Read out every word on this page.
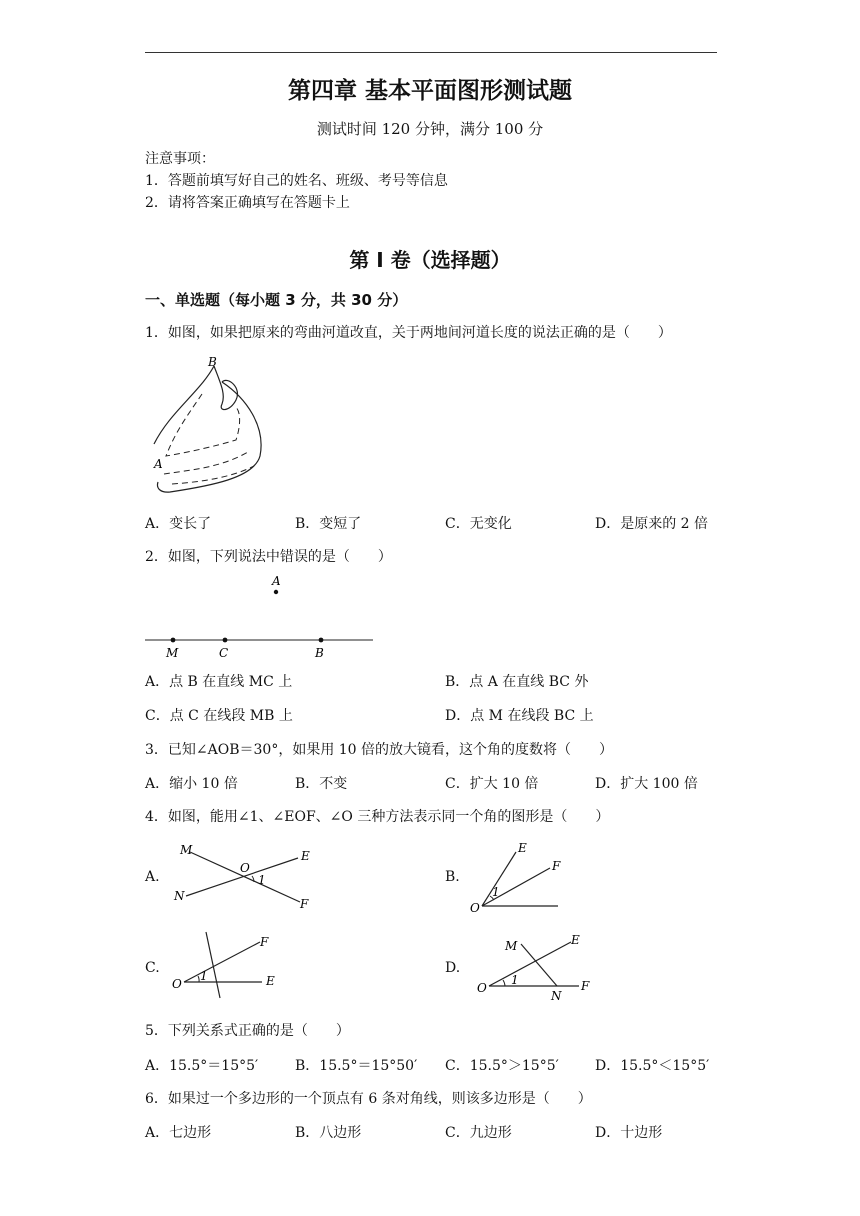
第四章 基本平面图形测试题
测试时间 120 分钟，满分 100 分
注意事项：
1．答题前填写好自己的姓名、班级、考号等信息
2．请将答案正确填写在答题卡上
第 I 卷（选择题）
一、单选题（每小题 3 分，共 30 分）
1．如图，如果把原来的弯曲河道改直，关于两地间河道长度的说法正确的是（　　）
B
A
A．变长了	B．变短了	C．无变化	D．是原来的 2 倍
2．如图，下列说法中错误的是（　　）
A
M	C	B
A．点 B 在直线 MC 上	B．点 A 在直线 BC 外
C．点 C 在线段 MB 上	D．点 M 在线段 BC 上
3．已知∠AOB＝30°，如果用 10 倍的放大镜看，这个角的度数将（　　）
A．缩小 10 倍	B．不变	C．扩大 10 倍	D．扩大 100 倍
4．如图，能用∠1、∠EOF、∠O 三种方法表示同一个角的图形是（　　）
A.
M
O
E
1
N
F
B.
E
F
1
O
C.
F
1
O	E
D.
M	E
O
1
N
F
5．下列关系式正确的是（　　）
A．15.5°＝15°5′	B．15.5°＝15°50′ C．15.5°＞15°5′	D．15.5°＜15°5′
6．如果过一个多边形的一个顶点有 6 条对角线，则该多边形是（　　）
A．七边形	B．八边形	C．九边形	D．十边形
